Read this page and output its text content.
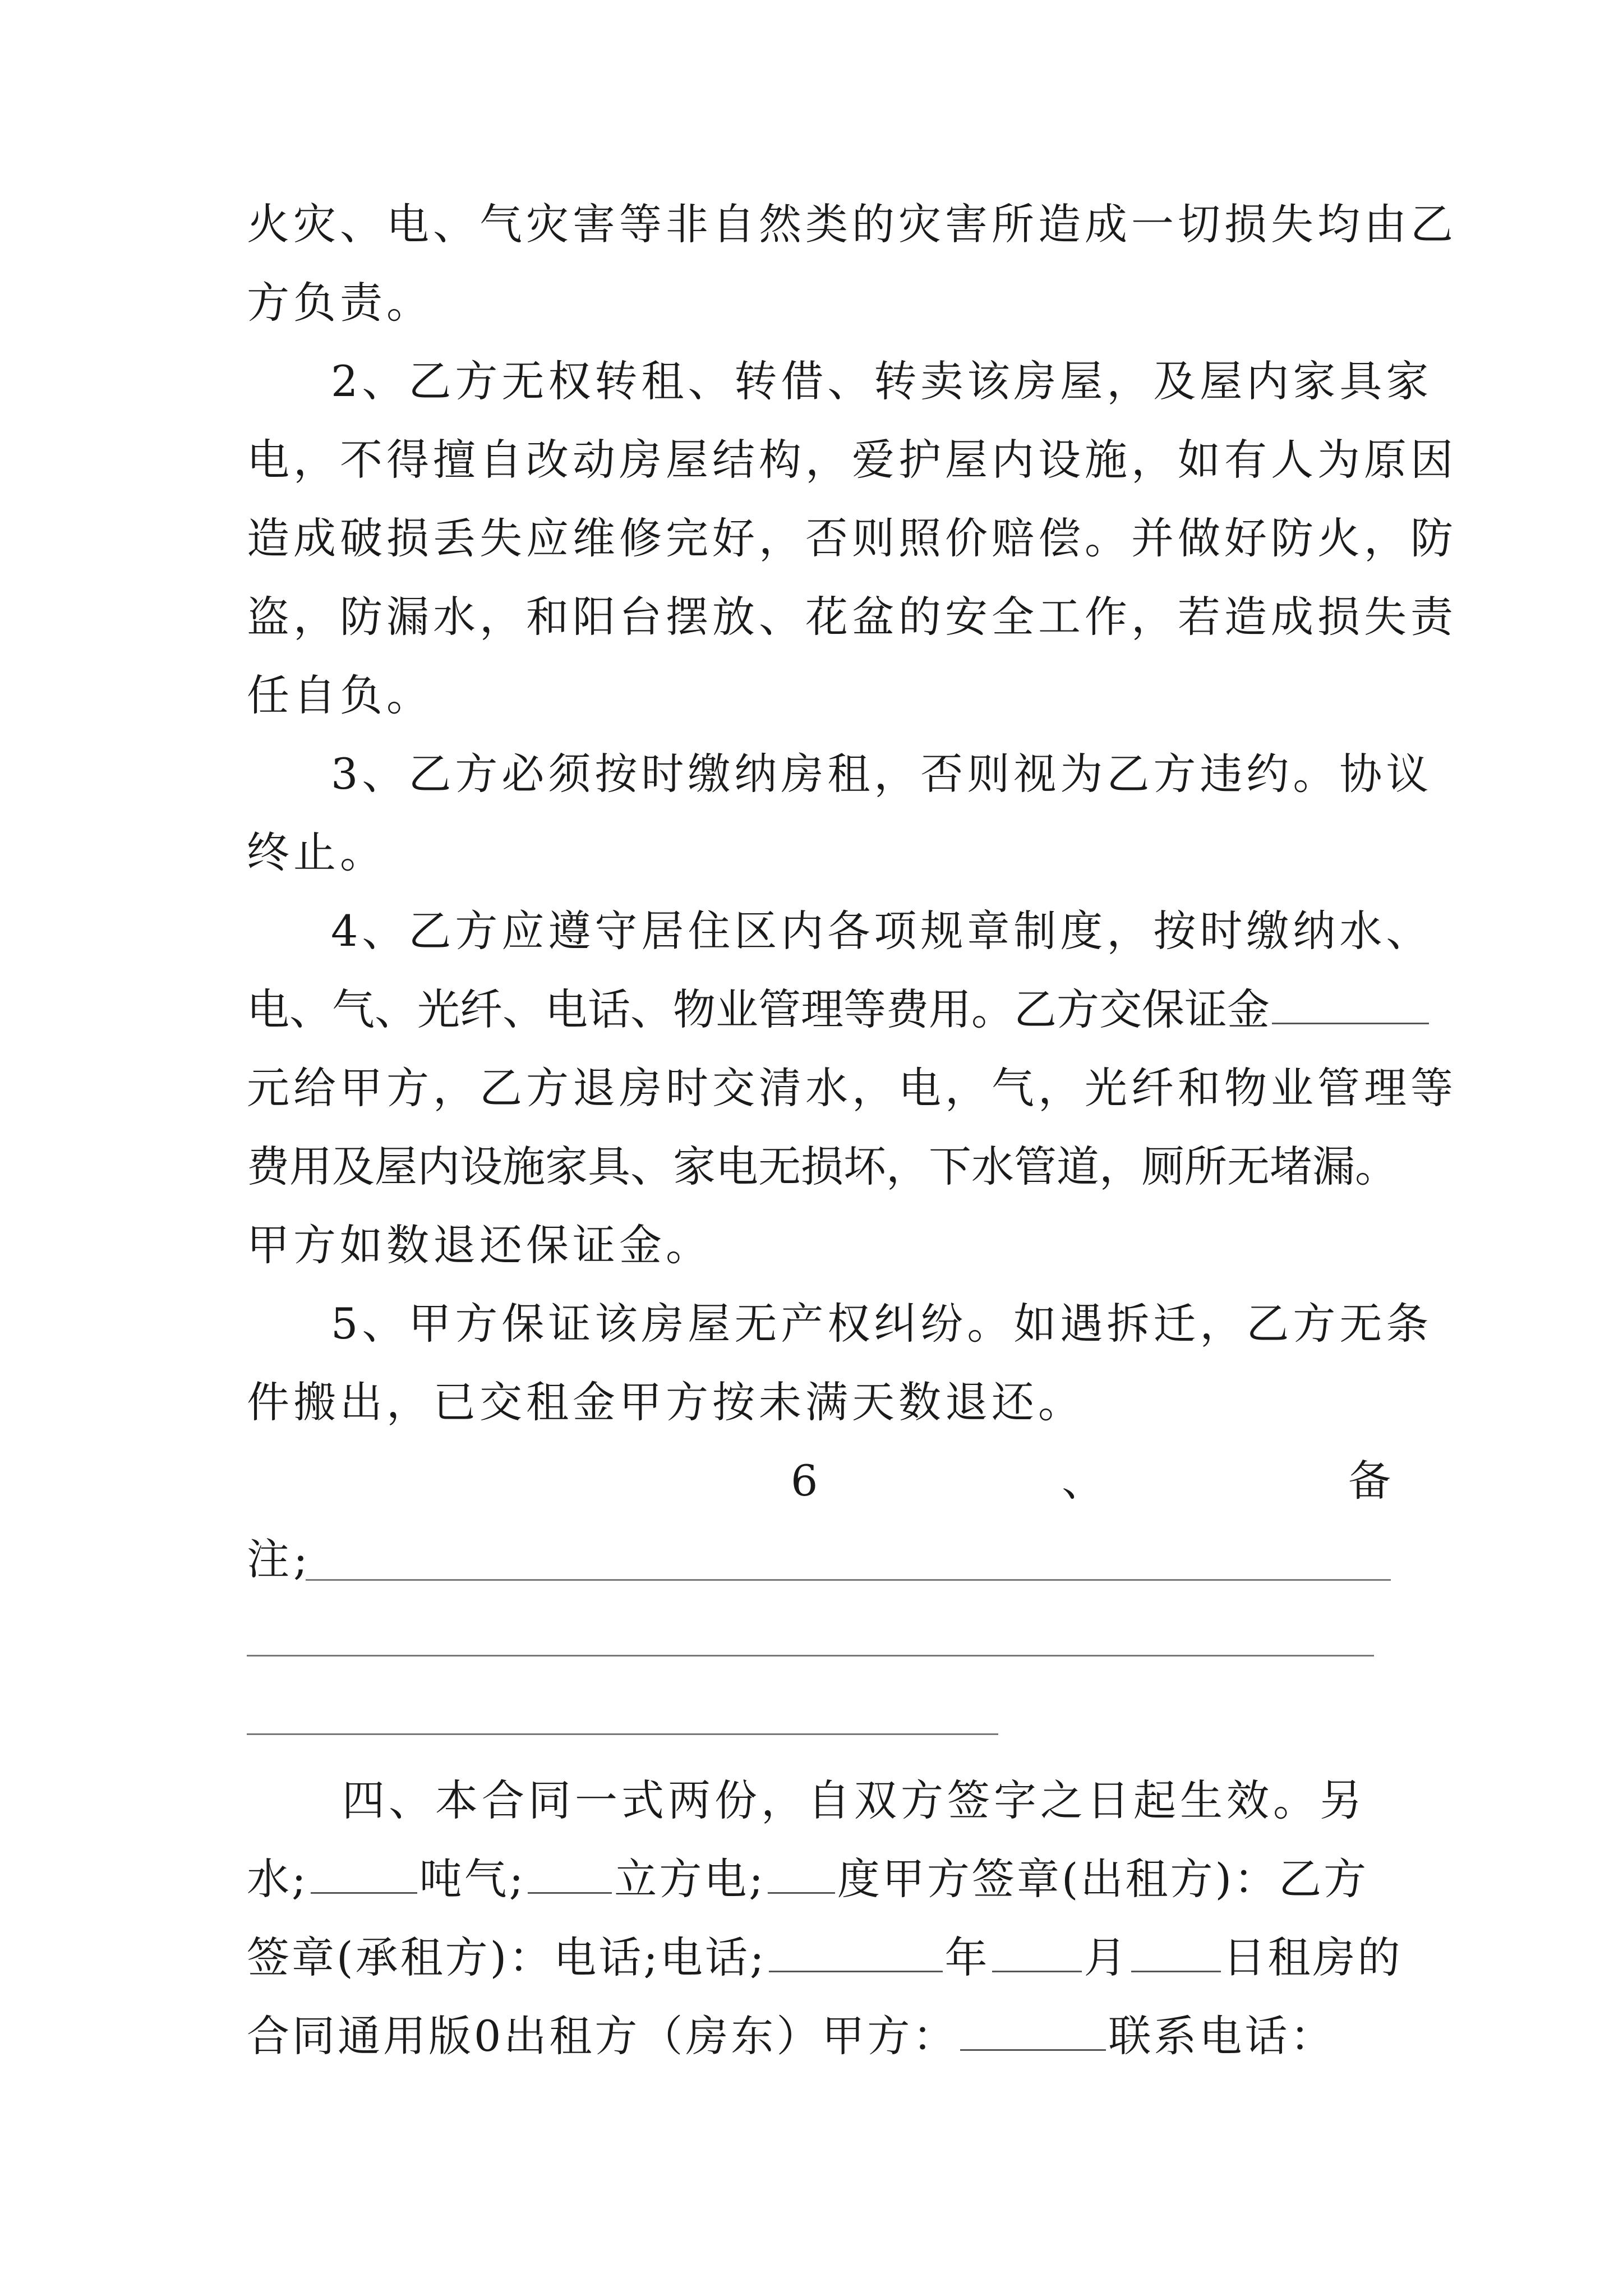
火灾、电、气灾害等非自然类的灾害所造成一切损失均由乙
方负责。
2、乙方无权转租、转借、转卖该房屋，及屋内家具家
电，不得擅自改动房屋结构，爱护屋内设施，如有人为原因
造成破损丢失应维修完好，否则照价赔偿。并做好防火，防
盗，防漏水，和阳台摆放、花盆的安全工作，若造成损失责
任自负。
3、乙方必须按时缴纳房租，否则视为乙方违约。协议
终止。
4、乙方应遵守居住区内各项规章制度，按时缴纳水、
电、气、光纤、电话、物业管理等费用。乙方交保证金
元给甲方，乙方退房时交清水，电，气，光纤和物业管理等
费用及屋内设施家具、家电无损坏，下水管道，厕所无堵漏。
甲方如数退还保证金。
5、甲方保证该房屋无产权纠纷。如遇拆迁，乙方无条
件搬出，已交租金甲方按未满天数退还。
6	、	备
注;
四、本合同一式两份，自双方签字之日起生效。另
水;	吨气; 立方电; 度甲方签章(出租方)：乙方
签章(承租方)：电话;电话;	年 月 日租房的
合同通用版0出租方（房东）甲方：	联系电话：
